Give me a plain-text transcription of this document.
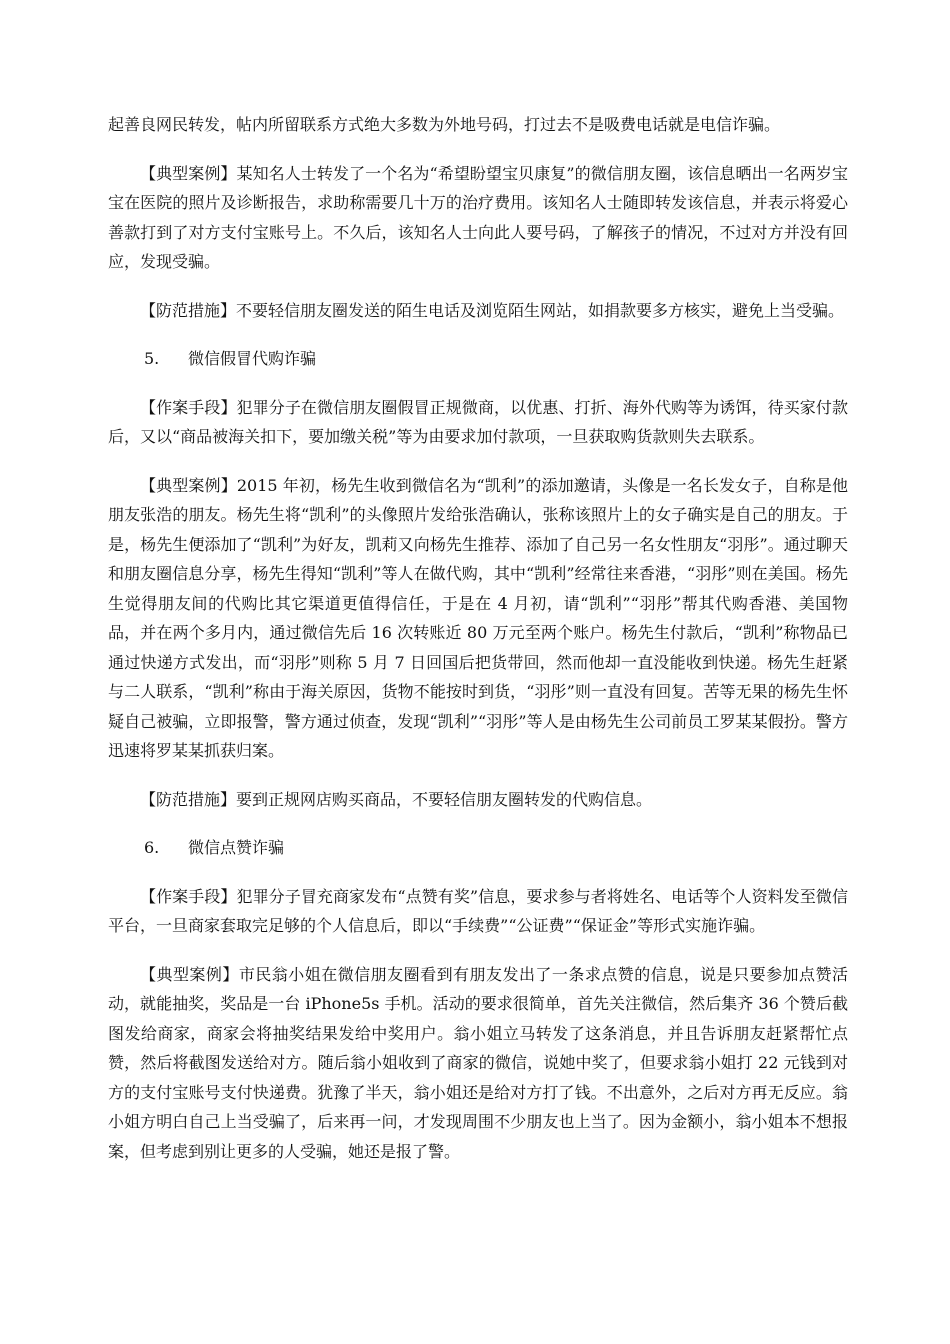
起善良网民转发，帖内所留联系方式绝大多数为外地号码，打过去不是吸费电话就是电信诈骗。

【典型案例】某知名人士转发了一个名为“希望盼望宝贝康复”的微信朋友圈，该信息晒出一名两岁宝宝在医院的照片及诊断报告，求助称需要几十万的治疗费用。该知名人士随即转发该信息，并表示将爱心善款打到了对方支付宝账号上。不久后，该知名人士向此人要号码，了解孩子的情况，不过对方并没有回应，发现受骗。

【防范措施】不要轻信朋友圈发送的陌生电话及浏览陌生网站，如捐款要多方核实，避免上当受骗。

5. 微信假冒代购诈骗

【作案手段】犯罪分子在微信朋友圈假冒正规微商，以优惠、打折、海外代购等为诱饵，待买家付款后，又以“商品被海关扣下，要加缴关税”等为由要求加付款项，一旦获取购货款则失去联系。

【典型案例】2015 年初，杨先生收到微信名为“凯利”的添加邀请，头像是一名长发女子，自称是他朋友张浩的朋友。杨先生将“凯利”的头像照片发给张浩确认，张称该照片上的女子确实是自己的朋友。于是，杨先生便添加了“凯利”为好友，凯莉又向杨先生推荐、添加了自己另一名女性朋友“羽彤”。通过聊天和朋友圈信息分享，杨先生得知“凯利”等人在做代购，其中“凯利”经常往来香港，“羽彤”则在美国。杨先生觉得朋友间的代购比其它渠道更值得信任，于是在 4 月初，请“凯利”“羽彤”帮其代购香港、美国物品，并在两个多月内，通过微信先后 16 次转账近 80 万元至两个账户。杨先生付款后，“凯利”称物品已通过快递方式发出，而“羽彤”则称 5 月 7 日回国后把货带回，然而他却一直没能收到快递。杨先生赶紧与二人联系，“凯利”称由于海关原因，货物不能按时到货，“羽彤”则一直没有回复。苦等无果的杨先生怀疑自己被骗，立即报警，警方通过侦查，发现“凯利”“羽彤”等人是由杨先生公司前员工罗某某假扮。警方迅速将罗某某抓获归案。

【防范措施】要到正规网店购买商品，不要轻信朋友圈转发的代购信息。

6. 微信点赞诈骗

【作案手段】犯罪分子冒充商家发布“点赞有奖”信息，要求参与者将姓名、电话等个人资料发至微信平台，一旦商家套取完足够的个人信息后，即以“手续费”“公证费”“保证金”等形式实施诈骗。

【典型案例】市民翁小姐在微信朋友圈看到有朋友发出了一条求点赞的信息，说是只要参加点赞活动，就能抽奖，奖品是一台 iPhone5s 手机。活动的要求很简单，首先关注微信，然后集齐 36 个赞后截图发给商家，商家会将抽奖结果发给中奖用户。翁小姐立马转发了这条消息，并且告诉朋友赶紧帮忙点赞，然后将截图发送给对方。随后翁小姐收到了商家的微信，说她中奖了，但要求翁小姐打 22 元钱到对方的支付宝账号支付快递费。犹豫了半天，翁小姐还是给对方打了钱。不出意外，之后对方再无反应。翁小姐方明白自己上当受骗了，后来再一问，才发现周围不少朋友也上当了。因为金额小，翁小姐本不想报案，但考虑到别让更多的人受骗，她还是报了警。
